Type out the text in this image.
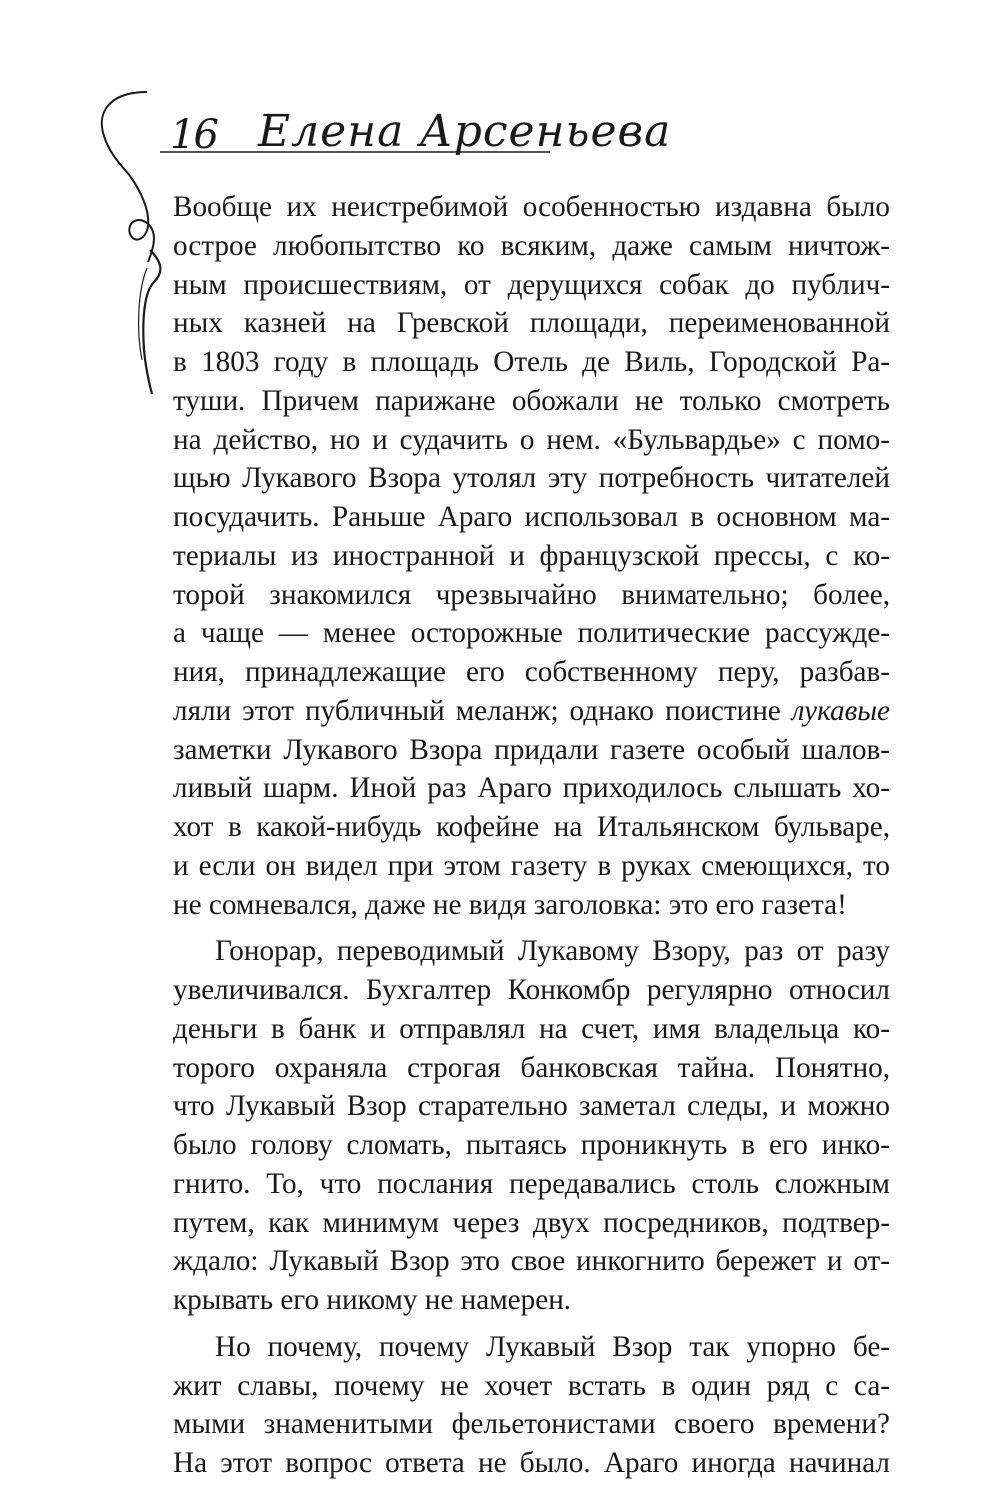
16 Елена Арсеньева

Вообще их неистребимой особенностью издавна было
острое любопытство ко всяким, даже самым ничтож-
ным происшествиям, от дерущихся собак до публич-
ных казней на Гревской площади, переименованной
в 1803 году в площадь Отель де Виль, Городской Ра-
туши. Причем парижане обожали не только смотреть
на действо, но и судачить о нем. «Бульвардье» с помо-
щью Лукавого Взора утолял эту потребность читателей
посудачить. Раньше Араго использовал в основном ма-
териалы из иностранной и французской прессы, с ко-
торой знакомился чрезвычайно внимательно; более,
а чаще — менее осторожные политические рассужде-
ния, принадлежащие его собственному перу, разбав-
ляли этот публичный меланж; однако поистине лукавые
заметки Лукавого Взора придали газете особый шалов-
ливый шарм. Иной раз Араго приходилось слышать хо-
хот в какой-нибудь кофейне на Итальянском бульваре,
и если он видел при этом газету в руках смеющихся, то
не сомневался, даже не видя заголовка: это его газета!

Гонорар, переводимый Лукавому Взору, раз от разу
увеличивался. Бухгалтер Конкомбр регулярно относил
деньги в банк и отправлял на счет, имя владельца ко-
торого охраняла строгая банковская тайна. Понятно,
что Лукавый Взор старательно заметал следы, и можно
было голову сломать, пытаясь проникнуть в его инко-
гнито. То, что послания передавались столь сложным
путем, как минимум через двух посредников, подтвер-
ждало: Лукавый Взор это свое инкогнито бережет и от-
крывать его никому не намерен.

Но почему, почему Лукавый Взор так упорно бе-
жит славы, почему не хочет встать в один ряд с са-
мыми знаменитыми фельетонистами своего времени?
На этот вопрос ответа не было. Араго иногда начинал
